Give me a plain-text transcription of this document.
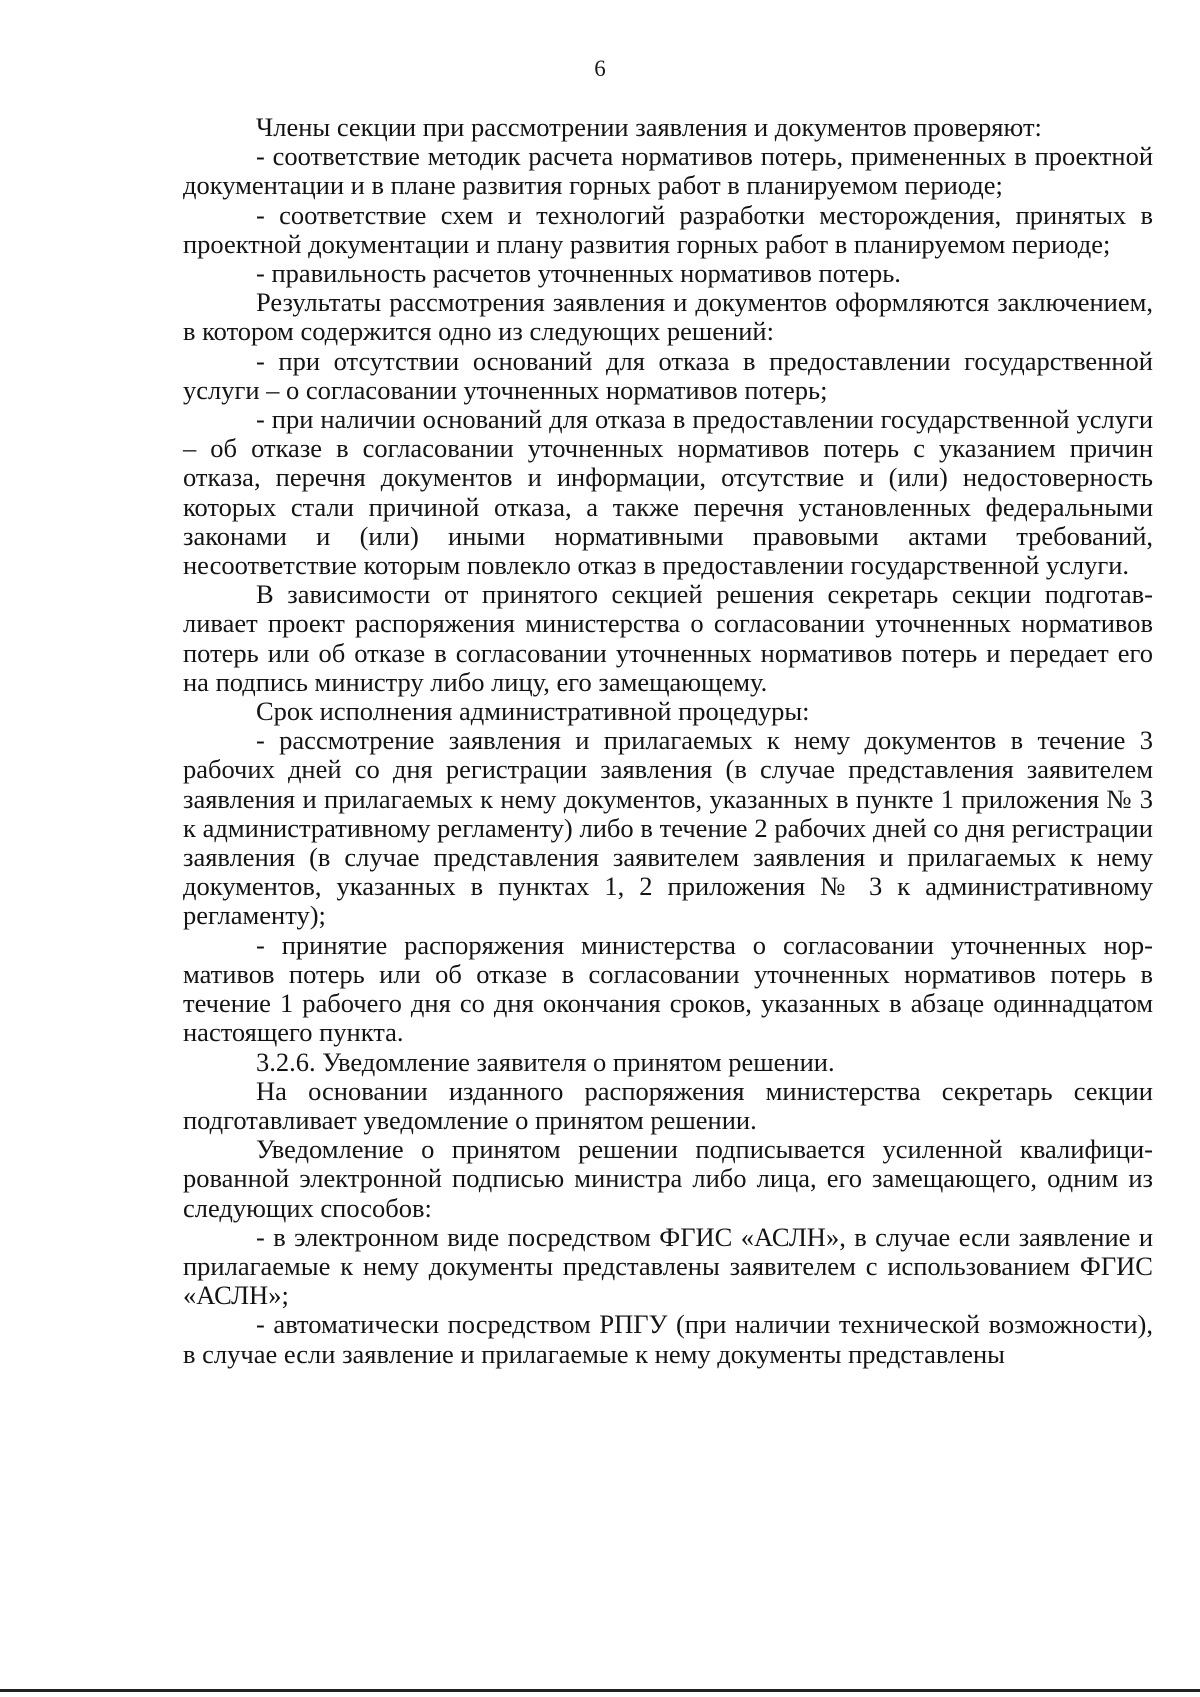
6

Члены секции при рассмотрении заявления и документов проверяют:

- соответствие методик расчета нормативов потерь, примененных в проектной документации и в плане развития горных работ в планируемом периоде;

- соответствие схем и технологий разработки месторождения, принятых в проектной документации и плану развития горных работ в планируемом периоде;

- правильность расчетов уточненных нормативов потерь.

Результаты рассмотрения заявления и документов оформляются заключением, в котором содержится одно из следующих решений:

- при отсутствии оснований для отказа в предоставлении государственной услуги – о согласовании уточненных нормативов потерь;

- при наличии оснований для отказа в предоставлении государственной услуги – об отказе в согласовании уточненных нормативов потерь с указанием причин отказа, перечня документов и информации, отсутствие и (или) недостоверность которых стали причиной отказа, а также перечня установленных федеральными законами и (или) иными нормативными правовыми актами требований, несоответствие которым повлекло отказ в предоставлении государственной услуги.

В зависимости от принятого секцией решения секретарь секции подготавливает проект распоряжения министерства о согласовании уточненных нормативов потерь или об отказе в согласовании уточненных нормативов потерь и передает его на подпись министру либо лицу, его замещающему.

Срок исполнения административной процедуры:

- рассмотрение заявления и прилагаемых к нему документов в течение 3 рабочих дней со дня регистрации заявления (в случае представления заявителем заявления и прилагаемых к нему документов, указанных в пункте 1 приложения № 3 к административному регламенту) либо в течение 2 рабочих дней со дня регистрации заявления (в случае представления заявителем заявления и прилагаемых к нему документов, указанных в пунктах 1, 2 приложения № 3 к административному регламенту);

- принятие распоряжения министерства о согласовании уточненных нормативов потерь или об отказе в согласовании уточненных нормативов потерь в течение 1 рабочего дня со дня окончания сроков, указанных в абзаце одиннадцатом настоящего пункта.

3.2.6. Уведомление заявителя о принятом решении.

На основании изданного распоряжения министерства секретарь секции подготавливает уведомление о принятом решении.

Уведомление о принятом решении подписывается усиленной квалифицированной электронной подписью министра либо лица, его замещающего, одним из следующих способов:

- в электронном виде посредством ФГИС «АСЛН», в случае если заявление и прилагаемые к нему документы представлены заявителем с использованием ФГИС «АСЛН»;

- автоматически посредством РПГУ (при наличии технической возможности), в случае если заявление и прилагаемые к нему документы представлены
